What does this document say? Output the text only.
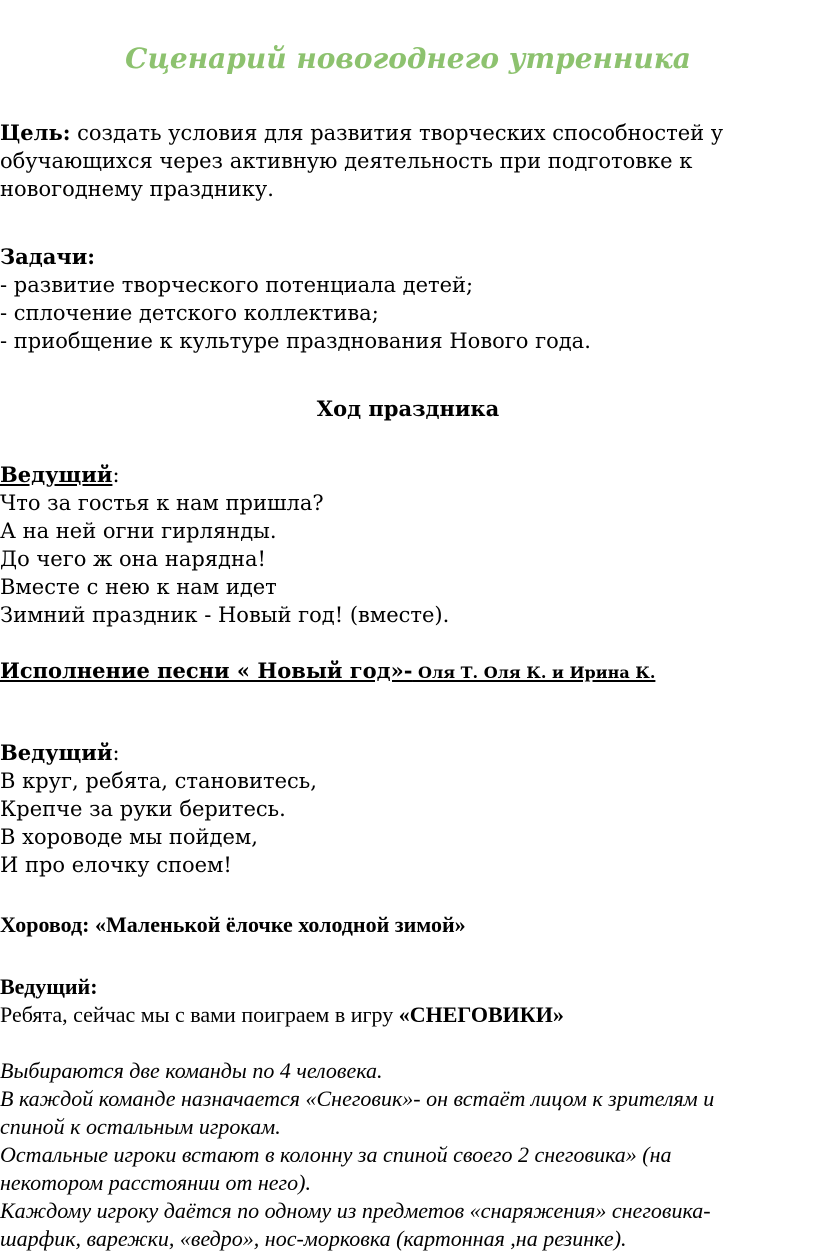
Сценарий новогоднего утренника
Цель: создать условия для развития творческих способностей у
обучающихся через активную деятельность при подготовке к
новогоднему празднику.
Задачи:
- развитие творческого потенциала детей;
- сплочение детского коллектива;
- приобщение к культуре празднования Нового года.
Ход праздника
Ведущий:
Что за гостья к нам пришла?
А на ней огни гирлянды.
До чего ж она нарядна!
Вместе с нею к нам идет
Зимний праздник - Новый год! (вместе).
Исполнение песни « Новый год»- Оля Т. Оля К. и Ирина К.
Ведущий:
В круг, ребята, становитесь,
Крепче за руки беритесь.
В хороводе мы пойдем,
И про елочку споем!
Хоровод: «Маленькой ёлочке холодной зимой»
Ведущий:
Ребята, сейчас мы с вами поиграем в игру «СНЕГОВИКИ»
Выбираются две команды по 4 человека.
В каждой команде назначается «Снеговик»- он встаёт лицом к зрителям и
спиной к остальным игрокам.
Остальные игроки встают в колонну за спиной своего 2 снеговика» (на
некотором расстоянии от него).
Каждому игроку даётся по одному из предметов «снаряжения» снеговика-
шарфик, варежки, «ведро», нос-морковка (картонная ,на резинке).
